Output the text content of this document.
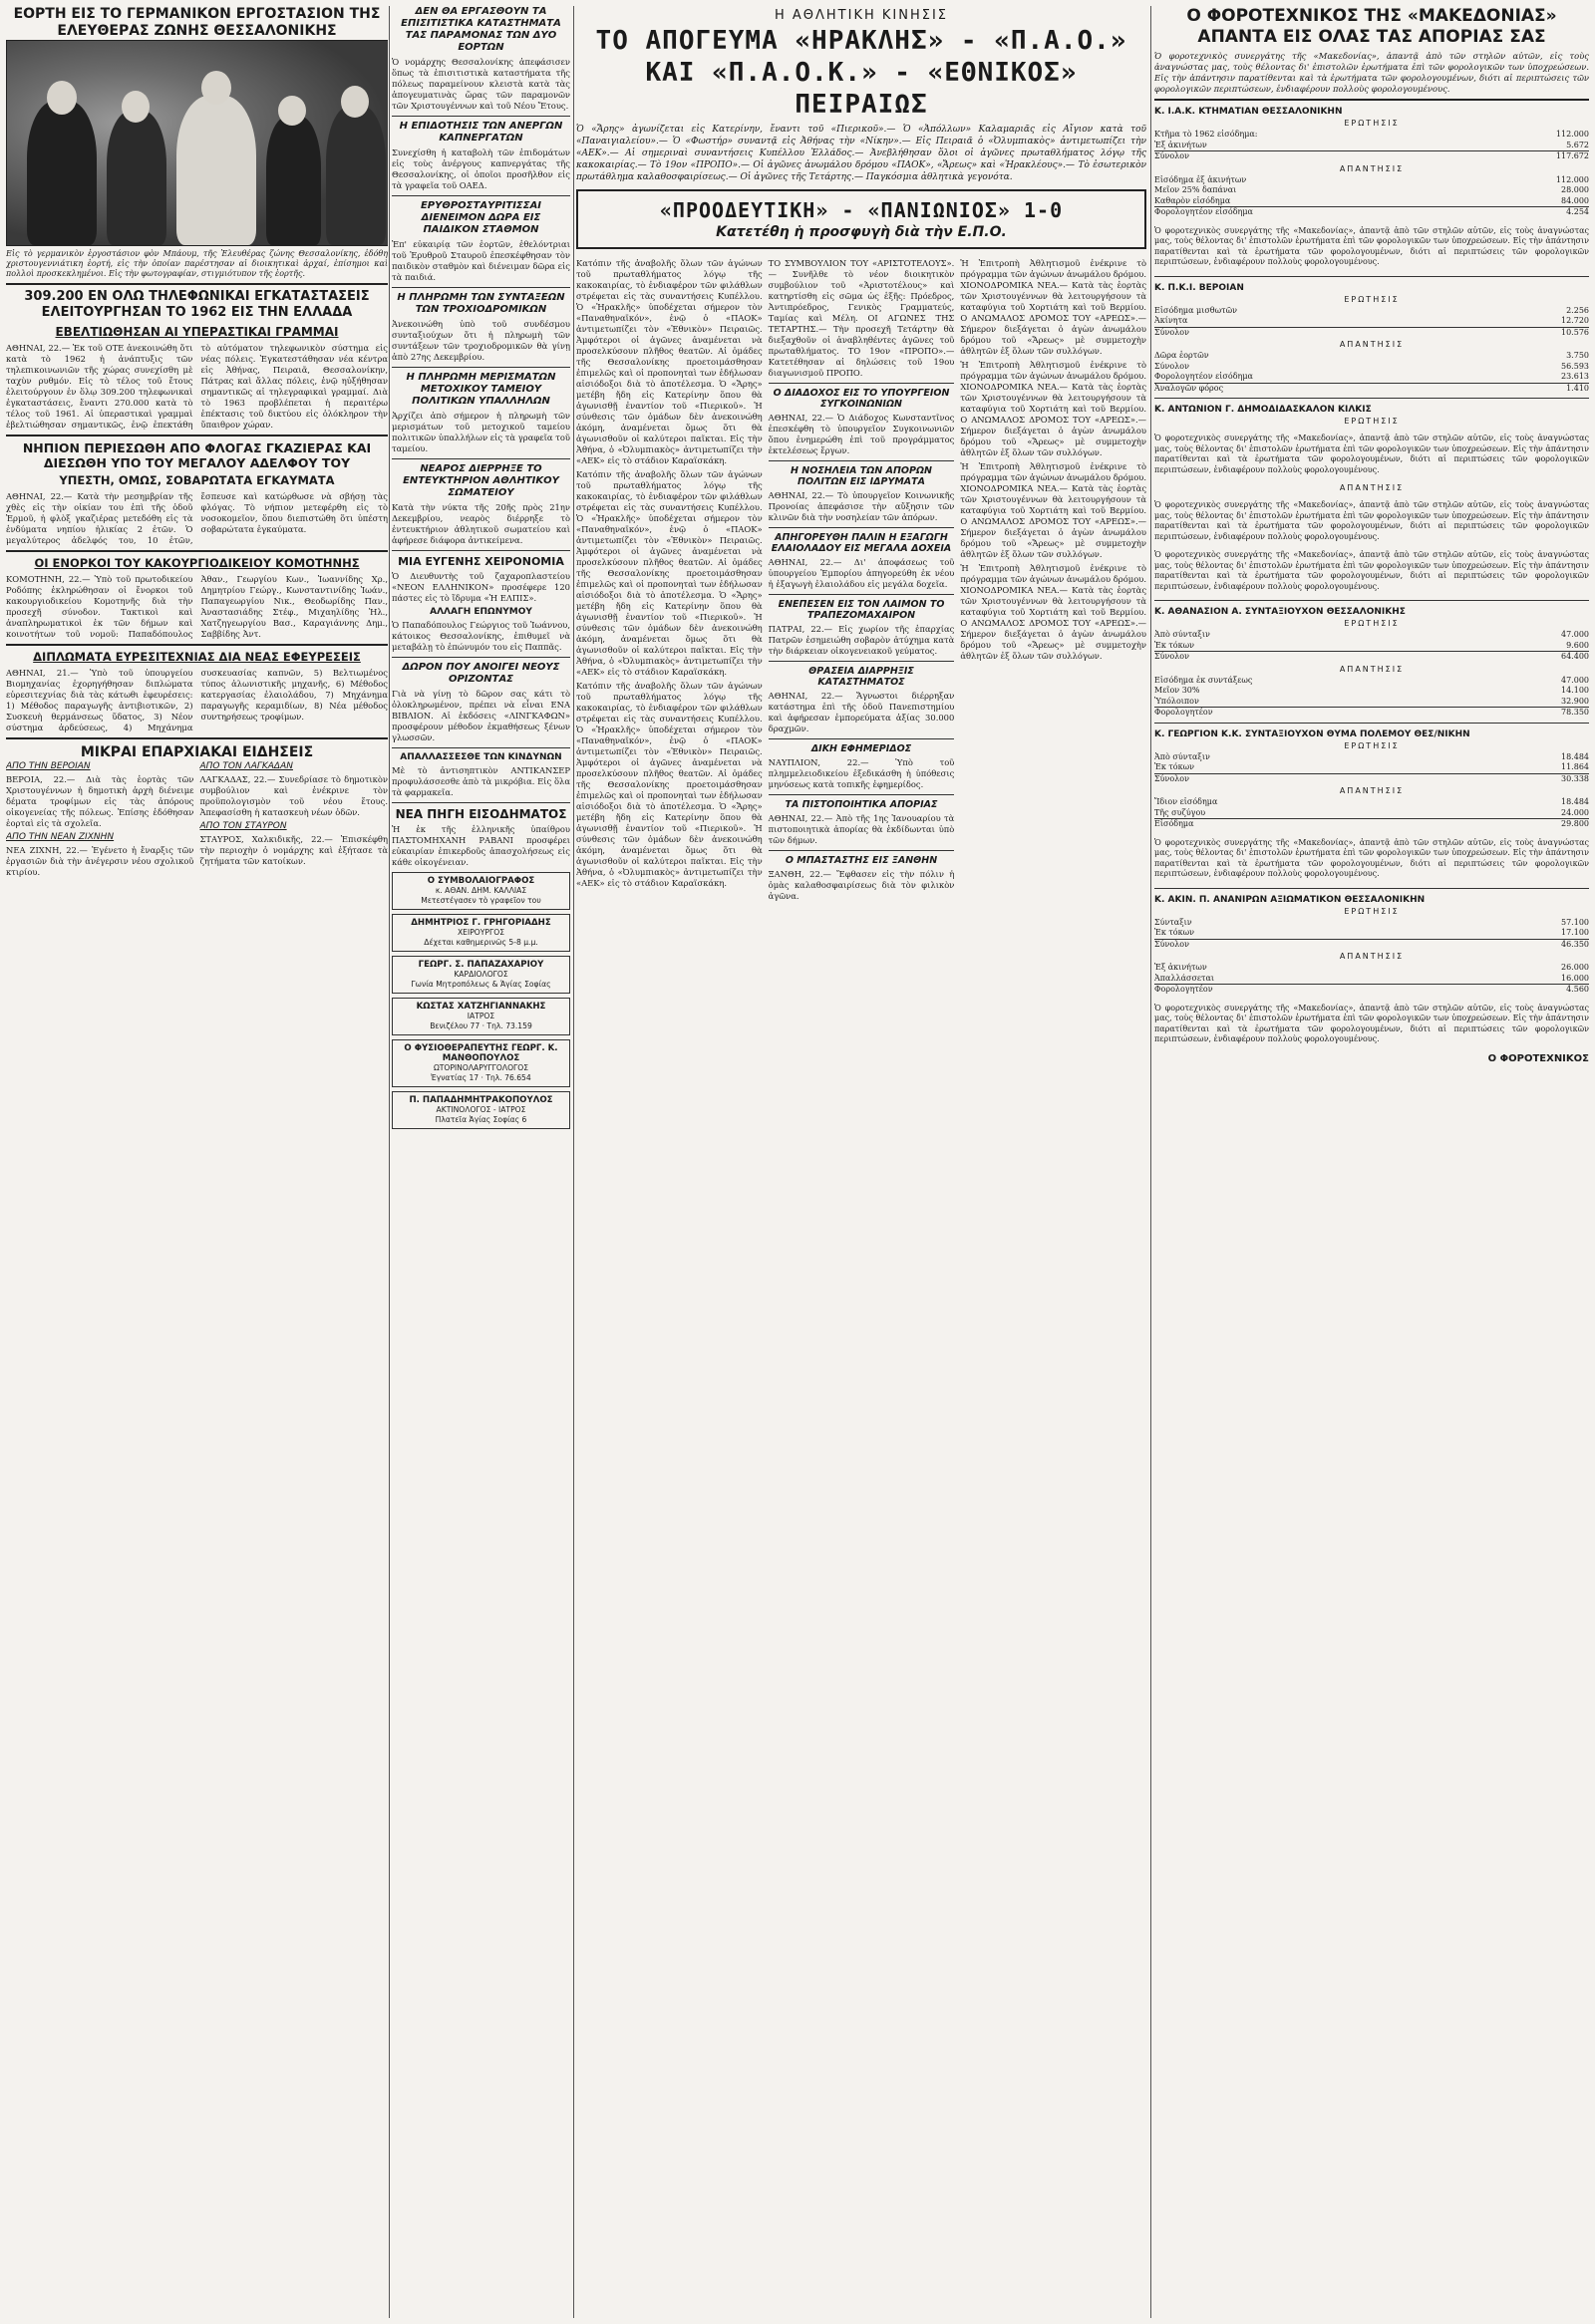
ΕΟΡΤΗ ΕΙΣ ΤΟ ΓΕΡΜΑΝΙΚΟΝ ΕΡΓΟΣΤΑΣΙΟΝ ΤΗΣ ΕΛΕΥΘΕΡΑΣ ΖΩΝΗΣ ΘΕΣΣΑΛΟΝΙΚΗΣ

Εἰς τὸ γερμανικὸν ἐργοστάσιον φὸν Μπάουμ, τῆς Ἐλευθέρας ζώνης Θεσσαλονίκης, ἐδόθη χριστουγεννιάτικη ἑορτή, εἰς τὴν ὁποίαν παρέστησαν αἱ διοικητικαὶ ἀρχαί, ἐπίσημοι καὶ πολλοὶ προσκεκλημένοι. Εἰς τὴν φωτογραφίαν, στιγμιότυπον τῆς ἑορτῆς.

309.200 ΕΝ ΟΛΩ ΤΗΛΕΦΩΝΙΚΑΙ ΕΓΚΑΤΑΣΤΑΣΕΙΣ ΕΛΕΙΤΟΥΡΓΗΣΑΝ ΤΟ 1962 ΕΙΣ ΤΗΝ ΕΛΛΑΔΑ
ΕΒΕΛΤΙΩΘΗΣΑΝ ΑΙ ΥΠΕΡΑΣΤΙΚΑΙ ΓΡΑΜΜΑΙ

ΑΘΗΝΑΙ, 22.— Ἐκ τοῦ ΟΤΕ ἀνεκοινώθη ὅτι κατὰ τὸ 1962 ἡ ἀνάπτυξις τῶν τηλεπικοινωνιῶν τῆς χώρας συνεχίσθη μὲ ταχὺν ρυθμόν. Εἰς τὸ τέλος τοῦ ἔτους ἐλειτούργουν ἐν ὅλῳ 309.200 τηλεφωνικαὶ ἐγκαταστάσεις, ἔναντι 270.000 κατὰ τὸ τέλος τοῦ 1961. Αἱ ὑπεραστικαὶ γραμμαὶ ἐβελτιώθησαν σημαντικῶς, ἐνῷ ἐπεκτάθη τὸ αὐτόματον τηλεφωνικὸν σύστημα εἰς νέας πόλεις. Ἐγκατεστάθησαν νέα κέντρα εἰς Ἀθήνας, Πειραιᾶ, Θεσσαλονίκην, Πάτρας καὶ ἄλλας πόλεις, ἐνῷ ηὐξήθησαν σημαντικῶς αἱ τηλεγραφικαὶ γραμμαί. Διὰ τὸ 1963 προβλέπεται ἡ περαιτέρω ἐπέκτασις τοῦ δικτύου εἰς ὁλόκληρον τὴν ὕπαιθρον χώραν.

ΝΗΠΙΟΝ ΠΕΡΙΕΣΩΘΗ ΑΠΟ ΦΛΟΓΑΣ ΓΚΑΖΙΕΡΑΣ ΚΑΙ ΔΙΕΣΩΘΗ ΥΠΟ ΤΟΥ ΜΕΓΑΛΟΥ ΑΔΕΛΦΟΥ ΤΟΥ
ΥΠΕΣΤΗ, ΟΜΩΣ, ΣΟΒΑΡΩΤΑΤΑ ΕΓΚΑΥΜΑΤΑ

ΑΘΗΝΑΙ, 22.— Κατὰ τὴν μεσημβρίαν τῆς χθὲς εἰς τὴν οἰκίαν του ἐπὶ τῆς ὁδοῦ Ἑρμοῦ, ἡ φλὸξ γκαζιέρας μετεδόθη εἰς τὰ ἐνδύματα νηπίου ἡλικίας 2 ἐτῶν. Ὁ μεγαλύτερος ἀδελφός του, 10 ἐτῶν, ἔσπευσε καὶ κατώρθωσε νὰ σβήσῃ τὰς φλόγας. Τὸ νήπιον μετεφέρθη εἰς τὸ νοσοκομεῖον, ὅπου διεπιστώθη ὅτι ὑπέστη σοβαρώτατα ἐγκαύματα.

ΟΙ ΕΝΟΡΚΟΙ ΤΟΥ ΚΑΚΟΥΡΓΙΟΔΙΚΕΙΟΥ ΚΟΜΟΤΗΝΗΣ

ΚΟΜΟΤΗΝΗ, 22.— Ὑπὸ τοῦ πρωτοδικείου Ροδόπης ἐκληρώθησαν οἱ ἔνορκοι τοῦ κακουργιοδικείου Κομοτηνῆς διὰ τὴν προσεχῆ σύνοδον. Τακτικοὶ καὶ ἀναπληρωματικοὶ ἐκ τῶν δήμων καὶ κοινοτήτων τοῦ νομοῦ: Παπαδόπουλος Ἀθαν., Γεωργίου Κων., Ἰωαννίδης Χρ., Δημητρίου Γεώργ., Κωνσταντινίδης Ἰωάν., Παπαγεωργίου Νικ., Θεοδωρίδης Παν., Ἀναστασιάδης Στέφ., Μιχαηλίδης Ἠλ., Χατζηγεωργίου Βασ., Καραγιάννης Δημ., Σαββίδης Ἀντ.

ΔΙΠΛΩΜΑΤΑ ΕΥΡΕΣΙΤΕΧΝΙΑΣ ΔΙΑ ΝΕΑΣ ΕΦΕΥΡΕΣΕΙΣ

ΑΘΗΝΑΙ, 21.— Ὑπὸ τοῦ ὑπουργείου Βιομηχανίας ἐχορηγήθησαν διπλώματα εὑρεσιτεχνίας διὰ τὰς κάτωθι ἐφευρέσεις: 1) Μέθοδος παραγωγῆς ἀντιβιοτικῶν, 2) Συσκευὴ θερμάνσεως ὕδατος, 3) Νέον σύστημα ἀρδεύσεως, 4) Μηχάνημα συσκευασίας καπνῶν, 5) Βελτιωμένος τύπος ἀλωνιστικῆς μηχανῆς, 6) Μέθοδος κατεργασίας ἐλαιολάδου, 7) Μηχάνημα παραγωγῆς κεραμιδίων, 8) Νέα μέθοδος συντηρήσεως τροφίμων.

ΜΙΚΡΑΙ ΕΠΑΡΧΙΑΚΑΙ ΕΙΔΗΣΕΙΣ
ΑΠΟ ΤΗΝ ΒΕΡΟΙΑΝ

ΒΕΡΟΙΑ, 22.— Διὰ τὰς ἑορτὰς τῶν Χριστουγέννων ἡ δημοτικὴ ἀρχὴ διένειμε δέματα τροφίμων εἰς τὰς ἀπόρους οἰκογενείας τῆς πόλεως. Ἐπίσης ἐδόθησαν ἑορταὶ εἰς τὰ σχολεῖα.

ΑΠΟ ΤΗΝ ΝΕΑΝ ΖΙΧΝΗΝ

ΝΕΑ ΖΙΧΝΗ, 22.— Ἐγένετο ἡ ἔναρξις τῶν ἐργασιῶν διὰ τὴν ἀνέγερσιν νέου σχολικοῦ κτιρίου.

ΑΠΟ ΤΟΝ ΛΑΓΚΑΔΑΝ

ΛΑΓΚΑΔΑΣ, 22.— Συνεδρίασε τὸ δημοτικὸν συμβούλιον καὶ ἐνέκρινε τὸν προϋπολογισμὸν τοῦ νέου ἔτους. Ἀπεφασίσθη ἡ κατασκευὴ νέων ὁδῶν.

ΑΠΟ ΤΟΝ ΣΤΑΥΡΟΝ

ΣΤΑΥΡΟΣ, Χαλκιδικῆς, 22.— Ἐπισκέφθη τὴν περιοχὴν ὁ νομάρχης καὶ ἐξήτασε τὰ ζητήματα τῶν κατοίκων.

ΔΕΝ ΘΑ ΕΡΓΑΣΘΟΥΝ ΤΑ ΕΠΙΣΙΤΙΣΤΙΚΑ ΚΑΤΑΣΤΗΜΑΤΑ ΤΑΣ ΠΑΡΑΜΟΝΑΣ ΤΩΝ ΔΥΟ ΕΟΡΤΩΝ

Ὁ νομάρχης Θεσσαλονίκης ἀπεφάσισεν ὅπως τὰ ἐπισιτιστικὰ καταστήματα τῆς πόλεως παραμείνουν κλειστὰ κατὰ τὰς ἀπογευματινὰς ὥρας τῶν παραμονῶν τῶν Χριστουγέννων καὶ τοῦ Νέου Ἔτους.

Η ΕΠΙΔΟΤΗΣΙΣ ΤΩΝ ΑΝΕΡΓΩΝ ΚΑΠΝΕΡΓΑΤΩΝ

Συνεχίσθη ἡ καταβολὴ τῶν ἐπιδομάτων εἰς τοὺς ἀνέργους καπνεργάτας τῆς Θεσσαλονίκης, οἱ ὁποῖοι προσῆλθον εἰς τὰ γραφεῖα τοῦ ΟΑΕΔ.

ΕΡΥΘΡΟΣΤΑΥΡΙΤΙΣΣΑΙ ΔΙΕΝΕΙΜΟΝ ΔΩΡΑ ΕΙΣ ΠΑΙΔΙΚΟΝ ΣΤΑΘΜΟΝ

Ἐπ' εὐκαιρίᾳ τῶν ἑορτῶν, ἐθελόντριαι τοῦ Ἐρυθροῦ Σταυροῦ ἐπεσκέφθησαν τὸν παιδικὸν σταθμὸν καὶ διένειμαν δῶρα εἰς τὰ παιδιά.

Η ΠΛΗΡΩΜΗ ΤΩΝ ΣΥΝΤΑΞΕΩΝ ΤΩΝ ΤΡΟΧΙΟΔΡΟΜΙΚΩΝ

Ἀνεκοινώθη ὑπὸ τοῦ συνδέσμου συνταξιούχων ὅτι ἡ πληρωμὴ τῶν συντάξεων τῶν τροχιοδρομικῶν θὰ γίνῃ ἀπὸ 27ης Δεκεμβρίου.

Η ΠΛΗΡΩΜΗ ΜΕΡΙΣΜΑΤΩΝ ΜΕΤΟΧΙΚΟΥ ΤΑΜΕΙΟΥ ΠΟΛΙΤΙΚΩΝ ΥΠΑΛΛΗΛΩΝ

Ἀρχίζει ἀπὸ σήμερον ἡ πληρωμὴ τῶν μερισμάτων τοῦ μετοχικοῦ ταμείου πολιτικῶν ὑπαλλήλων εἰς τὰ γραφεῖα τοῦ ταμείου.

ΝΕΑΡΟΣ ΔΙΕΡΡΗΞΕ ΤΟ ΕΝΤΕΥΚΤΗΡΙΟΝ ΑΘΛΗΤΙΚΟΥ ΣΩΜΑΤΕΙΟΥ

Κατὰ τὴν νύκτα τῆς 20ῆς πρὸς 21ην Δεκεμβρίου, νεαρὸς διέρρηξε τὸ ἐντευκτήριον ἀθλητικοῦ σωματείου καὶ ἀφήρεσε διάφορα ἀντικείμενα.

ΜΙΑ ΕΥΓΕΝΗΣ ΧΕΙΡΟΝΟΜΙΑ

Ὁ Διευθυντὴς τοῦ ζαχαροπλαστείου «ΝΕΟΝ ΕΛΛΗΝΙΚΟΝ» προσέφερε 120 πάστες εἰς τὸ ἵδρυμα «Ἡ ΕΛΠΙΣ».

ΑΛΛΑΓΗ ΕΠΩΝΥΜΟΥ

Ὁ Παπαδόπουλος Γεώργιος τοῦ Ἰωάννου, κάτοικος Θεσσαλονίκης, ἐπιθυμεῖ νὰ μεταβάλῃ τὸ ἐπώνυμόν του εἰς Παππᾶς.

ΔΩΡΟΝ ΠΟΥ ΑΝΟΙΓΕΙ ΝΕΟΥΣ ΟΡΙΖΟΝΤΑΣ

Γιὰ νὰ γίνῃ τὸ δῶρον σας κάτι τὸ ὁλοκληρωμένον, πρέπει νὰ εἶναι ΕΝΑ ΒΙΒΛΙΟΝ. Αἱ ἐκδόσεις «ΛΙΝΓΚΑΦΩΝ» προσφέρουν μέθοδον ἐκμαθήσεως ξένων γλωσσῶν.

ΑΠΑΛΛΑΣΣΕΣΘΕ ΤΩΝ ΚΙΝΔΥΝΩΝ

Μὲ τὸ ἀντισηπτικὸν ΑΝΤΙΚΑΝΣΕΡ προφυλάσσεσθε ἀπὸ τὰ μικρόβια. Εἰς ὅλα τὰ φαρμακεῖα.

ΝΕΑ ΠΗΓΗ ΕΙΣΟΔΗΜΑΤΟΣ

Ἡ ἐκ τῆς ἑλληνικῆς ὑπαίθρου ΠΑΣΤΟΜΗΧΑΝΗ ΡΑΒΑΝΙ προσφέρει εὐκαιρίαν ἐπικερδοῦς ἀπασχολήσεως εἰς κάθε οἰκογένειαν.

Ο ΣΥΜΒΟΛΑΙΟΓΡΑΦΟΣ
κ. ΑΘΑΝ. ΔΗΜ. ΚΑΛΛΙΑΣ
Μετεστέγασεν τὸ γραφεῖον του
ΔΗΜΗΤΡΙΟΣ Γ. ΓΡΗΓΟΡΙΑΔΗΣ
ΧΕΙΡΟΥΡΓΟΣ
Δέχεται καθημερινῶς 5-8 μ.μ.
ΓΕΩΡΓ. Σ. ΠΑΠΑΖΑΧΑΡΙΟΥ
ΚΑΡΔΙΟΛΟΓΟΣ
Γωνία Μητροπόλεως & Ἁγίας Σοφίας
ΚΩΣΤΑΣ ΧΑΤΖΗΓΙΑΝΝΑΚΗΣ
ΙΑΤΡΟΣ
Βενιζέλου 77 · Τηλ. 73.159
Ο ΦΥΣΙΟΘΕΡΑΠΕΥΤΗΣ ΓΕΩΡΓ. Κ. ΜΑΝΘΟΠΟΥΛΟΣ
ΩΤΟΡΙΝΟΛΑΡΥΓΓΟΛΟΓΟΣ
Ἐγνατίας 17 · Τηλ. 76.654
Π. ΠΑΠΑΔΗΜΗΤΡΑΚΟΠΟΥΛΟΣ
ΑΚΤΙΝΟΛΟΓΟΣ - ΙΑΤΡΟΣ
Πλατεῖα Ἁγίας Σοφίας 6
Η ΑΘΛΗΤΙΚΗ ΚΙΝΗΣΙΣ
ΤΟ ΑΠΟΓΕΥΜΑ «ΗΡΑΚΛΗΣ» - «Π.Α.Ο.»
ΚΑΙ «Π.Α.Ο.Κ.» - «ΕΘΝΙΚΟΣ» ΠΕΙΡΑΙΩΣ

Ὁ «Ἄρης» ἀγωνίζεται εἰς Κατερίνην, ἔναντι τοῦ «Πιερικοῦ».— Ὁ «Ἀπόλλων» Καλαμαριᾶς εἰς Αἴγιον κατὰ τοῦ «Παναιγιαλείου».— Ὁ «Φωστήρ» συναντᾷ εἰς Ἀθήνας τὴν «Νίκην».— Εἰς Πειραιᾶ ὁ «Ὀλυμπιακὸς» ἀντιμετωπίζει τὴν «ΑΕΚ».— Αἱ σημεριναὶ συναντήσεις Κυπέλλου Ἑλλάδος.— Ἀνεβλήθησαν ὅλοι οἱ ἀγῶνες πρωταθλήματος λόγῳ τῆς κακοκαιρίας.— Τὸ 19ον «ΠΡΟΠΟ».— Οἱ ἀγῶνες ἀνωμάλου δρόμου «ΠΑΟΚ», «Ἄρεως» καὶ «Ἡρακλέους».— Τὸ ἐσωτερικὸν πρωτάθλημα καλαθοσφαιρίσεως.— Οἱ ἀγῶνες τῆς Τετάρτης.— Παγκόσμια ἀθλητικὰ γεγονότα.

«ΠΡΟΟΔΕΥΤΙΚΗ» - «ΠΑΝΙΩΝΙΟΣ» 1-0
Κατετέθη ἡ προσφυγὴ διὰ τὴν Ε.Π.Ο.

Κατόπιν τῆς ἀναβολῆς ὅλων τῶν ἀγώνων τοῦ πρωταθλήματος λόγῳ τῆς κακοκαιρίας, τὸ ἐνδιαφέρον τῶν φιλάθλων στρέφεται εἰς τὰς συναντήσεις Κυπέλλου. Ὁ «Ἡρακλῆς» ὑποδέχεται σήμερον τὸν «Παναθηναϊκόν», ἐνῷ ὁ «ΠΑΟΚ» ἀντιμετωπίζει τὸν «Ἐθνικὸν» Πειραιῶς. Ἀμφότεροι οἱ ἀγῶνες ἀναμένεται νὰ προσελκύσουν πλῆθος θεατῶν. Αἱ ὁμάδες τῆς Θεσσαλονίκης προετοιμάσθησαν ἐπιμελῶς καὶ οἱ προπονηταὶ των ἐδήλωσαν αἰσιόδοξοι διὰ τὸ ἀποτέλεσμα. Ὁ «Ἄρης» μετέβη ἤδη εἰς Κατερίνην ὅπου θὰ ἀγωνισθῇ ἐναντίον τοῦ «Πιερικοῦ». Ἡ σύνθεσις τῶν ὁμάδων δὲν ἀνεκοινώθη ἀκόμη, ἀναμένεται ὅμως ὅτι θὰ ἀγωνισθοῦν οἱ καλύτεροι παῖκται. Εἰς τὴν Ἀθήνα, ὁ «Ὀλυμπιακὸς» ἀντιμετωπίζει τὴν «ΑΕΚ» εἰς τὸ στάδιον Καραϊσκάκη.

Κατόπιν τῆς ἀναβολῆς ὅλων τῶν ἀγώνων τοῦ πρωταθλήματος λόγῳ τῆς κακοκαιρίας, τὸ ἐνδιαφέρον τῶν φιλάθλων στρέφεται εἰς τὰς συναντήσεις Κυπέλλου. Ὁ «Ἡρακλῆς» ὑποδέχεται σήμερον τὸν «Παναθηναϊκόν», ἐνῷ ὁ «ΠΑΟΚ» ἀντιμετωπίζει τὸν «Ἐθνικὸν» Πειραιῶς. Ἀμφότεροι οἱ ἀγῶνες ἀναμένεται νὰ προσελκύσουν πλῆθος θεατῶν. Αἱ ὁμάδες τῆς Θεσσαλονίκης προετοιμάσθησαν ἐπιμελῶς καὶ οἱ προπονηταὶ των ἐδήλωσαν αἰσιόδοξοι διὰ τὸ ἀποτέλεσμα. Ὁ «Ἄρης» μετέβη ἤδη εἰς Κατερίνην ὅπου θὰ ἀγωνισθῇ ἐναντίον τοῦ «Πιερικοῦ». Ἡ σύνθεσις τῶν ὁμάδων δὲν ἀνεκοινώθη ἀκόμη, ἀναμένεται ὅμως ὅτι θὰ ἀγωνισθοῦν οἱ καλύτεροι παῖκται. Εἰς τὴν Ἀθήνα, ὁ «Ὀλυμπιακὸς» ἀντιμετωπίζει τὴν «ΑΕΚ» εἰς τὸ στάδιον Καραϊσκάκη.

Κατόπιν τῆς ἀναβολῆς ὅλων τῶν ἀγώνων τοῦ πρωταθλήματος λόγῳ τῆς κακοκαιρίας, τὸ ἐνδιαφέρον τῶν φιλάθλων στρέφεται εἰς τὰς συναντήσεις Κυπέλλου. Ὁ «Ἡρακλῆς» ὑποδέχεται σήμερον τὸν «Παναθηναϊκόν», ἐνῷ ὁ «ΠΑΟΚ» ἀντιμετωπίζει τὸν «Ἐθνικὸν» Πειραιῶς. Ἀμφότεροι οἱ ἀγῶνες ἀναμένεται νὰ προσελκύσουν πλῆθος θεατῶν. Αἱ ὁμάδες τῆς Θεσσαλονίκης προετοιμάσθησαν ἐπιμελῶς καὶ οἱ προπονηταὶ των ἐδήλωσαν αἰσιόδοξοι διὰ τὸ ἀποτέλεσμα. Ὁ «Ἄρης» μετέβη ἤδη εἰς Κατερίνην ὅπου θὰ ἀγωνισθῇ ἐναντίον τοῦ «Πιερικοῦ». Ἡ σύνθεσις τῶν ὁμάδων δὲν ἀνεκοινώθη ἀκόμη, ἀναμένεται ὅμως ὅτι θὰ ἀγωνισθοῦν οἱ καλύτεροι παῖκται. Εἰς τὴν Ἀθήνα, ὁ «Ὀλυμπιακὸς» ἀντιμετωπίζει τὴν «ΑΕΚ» εἰς τὸ στάδιον Καραϊσκάκη.

ΤΟ ΣΥΜΒΟΥΛΙΟΝ ΤΟΥ «ΑΡΙΣΤΟΤΕΛΟΥΣ».— Συνῆλθε τὸ νέον διοικητικὸν συμβούλιον τοῦ «Ἀριστοτέλους» καὶ κατηρτίσθη εἰς σῶμα ὡς ἑξῆς: Πρόεδρος, Ἀντιπρόεδρος, Γενικὸς Γραμματεύς, Ταμίας καὶ Μέλη. ΟΙ ΑΓΩΝΕΣ ΤΗΣ ΤΕΤΑΡΤΗΣ.— Τὴν προσεχῆ Τετάρτην θὰ διεξαχθοῦν οἱ ἀναβληθέντες ἀγῶνες τοῦ πρωταθλήματος. ΤΟ 19ον «ΠΡΟΠΟ».— Κατετέθησαν αἱ δηλώσεις τοῦ 19ου διαγωνισμοῦ ΠΡΟΠΟ.

Ο ΔΙΑΔΟΧΟΣ ΕΙΣ ΤΟ ΥΠΟΥΡΓΕΙΟΝ ΣΥΓΚΟΙΝΩΝΙΩΝ

ΑΘΗΝΑΙ, 22.— Ὁ Διάδοχος Κωνσταντῖνος ἐπεσκέφθη τὸ ὑπουργεῖον Συγκοινωνιῶν ὅπου ἐνημερώθη ἐπὶ τοῦ προγράμματος ἐκτελέσεως ἔργων.

Η ΝΟΣΗΛΕΙΑ ΤΩΝ ΑΠΟΡΩΝ ΠΟΛΙΤΩΝ ΕΙΣ ΙΔΡΥΜΑΤΑ

ΑΘΗΝΑΙ, 22.— Τὸ ὑπουργεῖον Κοινωνικῆς Προνοίας ἀπεφάσισε τὴν αὔξησιν τῶν κλινῶν διὰ τὴν νοσηλείαν τῶν ἀπόρων.

ΑΠΗΓΟΡΕΥΘΗ ΠΑΛΙΝ Η ΕΞΑΓΩΓΗ ΕΛΑΙΟΛΑΔΟΥ ΕΙΣ ΜΕΓΑΛΑ ΔΟΧΕΙΑ

ΑΘΗΝΑΙ, 22.— Δι' ἀποφάσεως τοῦ ὑπουργείου Ἐμπορίου ἀπηγορεύθη ἐκ νέου ἡ ἐξαγωγὴ ἐλαιολάδου εἰς μεγάλα δοχεῖα.

ΕΝΕΠΕΣΕΝ ΕΙΣ ΤΟΝ ΛΑΙΜΟΝ ΤΟ ΤΡΑΠΕΖΟΜΑΧΑΙΡΟΝ

ΠΑΤΡΑΙ, 22.— Εἰς χωρίον τῆς ἐπαρχίας Πατρῶν ἐσημειώθη σοβαρὸν ἀτύχημα κατὰ τὴν διάρκειαν οἰκογενειακοῦ γεύματος.

ΘΡΑΣΕΙΑ ΔΙΑΡΡΗΞΙΣ ΚΑΤΑΣΤΗΜΑΤΟΣ

ΑΘΗΝΑΙ, 22.— Ἄγνωστοι διέρρηξαν κατάστημα ἐπὶ τῆς ὁδοῦ Πανεπιστημίου καὶ ἀφήρεσαν ἐμπορεύματα ἀξίας 30.000 δραχμῶν.

ΔΙΚΗ ΕΦΗΜΕΡΙΔΟΣ

ΝΑΥΠΛΙΟΝ, 22.— Ὑπὸ τοῦ πλημμελειοδικείου ἐξεδικάσθη ἡ ὑπόθεσις μηνύσεως κατὰ τοπικῆς ἐφημερίδος.

ΤΑ ΠΙΣΤΟΠΟΙΗΤΙΚΑ ΑΠΟΡΙΑΣ

ΑΘΗΝΑΙ, 22.— Ἀπὸ τῆς 1ης Ἰανουαρίου τὰ πιστοποιητικὰ ἀπορίας θὰ ἐκδίδωνται ὑπὸ τῶν δήμων.

Ο ΜΠΑΣΤΑΣΤΗΣ ΕΙΣ ΞΑΝΘΗΝ

ΞΑΝΘΗ, 22.— Ἔφθασεν εἰς τὴν πόλιν ἡ ὁμὰς καλαθοσφαιρίσεως διὰ τὸν φιλικὸν ἀγῶνα.

Ἡ Ἐπιτροπὴ Ἀθλητισμοῦ ἐνέκρινε τὸ πρόγραμμα τῶν ἀγώνων ἀνωμάλου δρόμου. ΧΙΟΝΟΔΡΟΜΙΚΑ ΝΕΑ.— Κατὰ τὰς ἑορτὰς τῶν Χριστουγέννων θὰ λειτουργήσουν τὰ καταφύγια τοῦ Χορτιάτη καὶ τοῦ Βερμίου. Ο ΑΝΩΜΑΛΟΣ ΔΡΟΜΟΣ ΤΟΥ «ΑΡΕΩΣ».— Σήμερον διεξάγεται ὁ ἀγὼν ἀνωμάλου δρόμου τοῦ «Ἄρεως» μὲ συμμετοχὴν ἀθλητῶν ἐξ ὅλων τῶν συλλόγων.

Ἡ Ἐπιτροπὴ Ἀθλητισμοῦ ἐνέκρινε τὸ πρόγραμμα τῶν ἀγώνων ἀνωμάλου δρόμου. ΧΙΟΝΟΔΡΟΜΙΚΑ ΝΕΑ.— Κατὰ τὰς ἑορτὰς τῶν Χριστουγέννων θὰ λειτουργήσουν τὰ καταφύγια τοῦ Χορτιάτη καὶ τοῦ Βερμίου. Ο ΑΝΩΜΑΛΟΣ ΔΡΟΜΟΣ ΤΟΥ «ΑΡΕΩΣ».— Σήμερον διεξάγεται ὁ ἀγὼν ἀνωμάλου δρόμου τοῦ «Ἄρεως» μὲ συμμετοχὴν ἀθλητῶν ἐξ ὅλων τῶν συλλόγων.

Ἡ Ἐπιτροπὴ Ἀθλητισμοῦ ἐνέκρινε τὸ πρόγραμμα τῶν ἀγώνων ἀνωμάλου δρόμου. ΧΙΟΝΟΔΡΟΜΙΚΑ ΝΕΑ.— Κατὰ τὰς ἑορτὰς τῶν Χριστουγέννων θὰ λειτουργήσουν τὰ καταφύγια τοῦ Χορτιάτη καὶ τοῦ Βερμίου. Ο ΑΝΩΜΑΛΟΣ ΔΡΟΜΟΣ ΤΟΥ «ΑΡΕΩΣ».— Σήμερον διεξάγεται ὁ ἀγὼν ἀνωμάλου δρόμου τοῦ «Ἄρεως» μὲ συμμετοχὴν ἀθλητῶν ἐξ ὅλων τῶν συλλόγων.

Ἡ Ἐπιτροπὴ Ἀθλητισμοῦ ἐνέκρινε τὸ πρόγραμμα τῶν ἀγώνων ἀνωμάλου δρόμου. ΧΙΟΝΟΔΡΟΜΙΚΑ ΝΕΑ.— Κατὰ τὰς ἑορτὰς τῶν Χριστουγέννων θὰ λειτουργήσουν τὰ καταφύγια τοῦ Χορτιάτη καὶ τοῦ Βερμίου. Ο ΑΝΩΜΑΛΟΣ ΔΡΟΜΟΣ ΤΟΥ «ΑΡΕΩΣ».— Σήμερον διεξάγεται ὁ ἀγὼν ἀνωμάλου δρόμου τοῦ «Ἄρεως» μὲ συμμετοχὴν ἀθλητῶν ἐξ ὅλων τῶν συλλόγων.

Ο ΦΟΡΟΤΕΧΝΙΚΟΣ ΤΗΣ «ΜΑΚΕΔΟΝΙΑΣ» ΑΠΑΝΤΑ ΕΙΣ ΟΛΑΣ ΤΑΣ ΑΠΟΡΙΑΣ ΣΑΣ

Ὁ φοροτεχνικὸς συνεργάτης τῆς «Μακεδονίας», ἀπαντᾷ ἀπὸ τῶν στηλῶν αὐτῶν, εἰς τοὺς ἀναγνώστας μας, τοὺς θέλοντας δι' ἐπιστολῶν ἐρωτήματα ἐπὶ τῶν φορολογικῶν των ὑποχρεώσεων. Εἰς τὴν ἀπάντησιν παρατίθενται καὶ τὰ ἐρωτήματα τῶν φορολογουμένων, διότι αἱ περιπτώσεις τῶν φορολογικῶν περιπτώσεων, ἐνδιαφέρουν πολλοὺς φορολογουμένους.

Κ. Ι.Α.Κ. ΚΤΗΜΑΤΙΑΝ ΘΕΣΣΑΛΟΝΙΚΗΝ
ΕΡΩΤΗΣΙΣ
Κτῆμα τὸ 1962 εἰσόδημα:	112.000
Ἐξ ἀκινήτων	5.672
Σύνολον	117.672
ΑΠΑΝΤΗΣΙΣ
Εἰσόδημα ἐξ ἀκινήτων	112.000
Μεῖον 25% δαπάναι	28.000
Καθαρὸν εἰσόδημα	84.000
Φορολογητέον εἰσόδημα	4.254

Ὁ φοροτεχνικὸς συνεργάτης τῆς «Μακεδονίας», ἀπαντᾷ ἀπὸ τῶν στηλῶν αὐτῶν, εἰς τοὺς ἀναγνώστας μας, τοὺς θέλοντας δι' ἐπιστολῶν ἐρωτήματα ἐπὶ τῶν φορολογικῶν των ὑποχρεώσεων. Εἰς τὴν ἀπάντησιν παρατίθενται καὶ τὰ ἐρωτήματα τῶν φορολογουμένων, διότι αἱ περιπτώσεις τῶν φορολογικῶν περιπτώσεων, ἐνδιαφέρουν πολλοὺς φορολογουμένους.

Κ. Π.Κ.Ι. ΒΕΡΟΙΑΝ
ΕΡΩΤΗΣΙΣ
Εἰσόδημα μισθωτῶν	2.256
Ἀκίνητα	12.720
Σύνολον	10.576
ΑΠΑΝΤΗΣΙΣ
Δῶρα ἑορτῶν	3.750
Σύνολον	56.593
Φορολογητέον εἰσόδημα	23.613
Ἀναλογῶν φόρος	1.410
Κ. ΑΝΤΩΝΙΟΝ Γ. ΔΗΜΟΔΙΔΑΣΚΑΛΟΝ ΚΙΛΚΙΣ
ΕΡΩΤΗΣΙΣ

Ὁ φοροτεχνικὸς συνεργάτης τῆς «Μακεδονίας», ἀπαντᾷ ἀπὸ τῶν στηλῶν αὐτῶν, εἰς τοὺς ἀναγνώστας μας, τοὺς θέλοντας δι' ἐπιστολῶν ἐρωτήματα ἐπὶ τῶν φορολογικῶν των ὑποχρεώσεων. Εἰς τὴν ἀπάντησιν παρατίθενται καὶ τὰ ἐρωτήματα τῶν φορολογουμένων, διότι αἱ περιπτώσεις τῶν φορολογικῶν περιπτώσεων, ἐνδιαφέρουν πολλοὺς φορολογουμένους.

ΑΠΑΝΤΗΣΙΣ

Ὁ φοροτεχνικὸς συνεργάτης τῆς «Μακεδονίας», ἀπαντᾷ ἀπὸ τῶν στηλῶν αὐτῶν, εἰς τοὺς ἀναγνώστας μας, τοὺς θέλοντας δι' ἐπιστολῶν ἐρωτήματα ἐπὶ τῶν φορολογικῶν των ὑποχρεώσεων. Εἰς τὴν ἀπάντησιν παρατίθενται καὶ τὰ ἐρωτήματα τῶν φορολογουμένων, διότι αἱ περιπτώσεις τῶν φορολογικῶν περιπτώσεων, ἐνδιαφέρουν πολλοὺς φορολογουμένους.

Ὁ φοροτεχνικὸς συνεργάτης τῆς «Μακεδονίας», ἀπαντᾷ ἀπὸ τῶν στηλῶν αὐτῶν, εἰς τοὺς ἀναγνώστας μας, τοὺς θέλοντας δι' ἐπιστολῶν ἐρωτήματα ἐπὶ τῶν φορολογικῶν των ὑποχρεώσεων. Εἰς τὴν ἀπάντησιν παρατίθενται καὶ τὰ ἐρωτήματα τῶν φορολογουμένων, διότι αἱ περιπτώσεις τῶν φορολογικῶν περιπτώσεων, ἐνδιαφέρουν πολλοὺς φορολογουμένους.

Κ. ΑΘΑΝΑΣΙΟΝ Α. ΣΥΝΤΑΞΙΟΥΧΟΝ ΘΕΣΣΑΛΟΝΙΚΗΣ
ΕΡΩΤΗΣΙΣ
Ἀπὸ σύνταξιν	47.000
Ἐκ τόκων	9.600
Σύνολον	64.400
ΑΠΑΝΤΗΣΙΣ
Εἰσόδημα ἐκ συντάξεως	47.000
Μεῖον 30%	14.100
Ὑπόλοιπον	32.900
Φορολογητέον	78.350
Κ. ΓΕΩΡΓΙΟΝ Κ.Κ. ΣΥΝΤΑΞΙΟΥΧΟΝ ΘΥΜΑ ΠΟΛΕΜΟΥ ΘΕΣ/ΝΙΚΗΝ
ΕΡΩΤΗΣΙΣ
Ἀπὸ σύνταξιν	18.484
Ἐκ τόκων	11.864
Σύνολον	30.338
ΑΠΑΝΤΗΣΙΣ
Ἴδιον εἰσόδημα	18.484
Τῆς συζύγου	24.000
Εἰσόδημα	29.800

Ὁ φοροτεχνικὸς συνεργάτης τῆς «Μακεδονίας», ἀπαντᾷ ἀπὸ τῶν στηλῶν αὐτῶν, εἰς τοὺς ἀναγνώστας μας, τοὺς θέλοντας δι' ἐπιστολῶν ἐρωτήματα ἐπὶ τῶν φορολογικῶν των ὑποχρεώσεων. Εἰς τὴν ἀπάντησιν παρατίθενται καὶ τὰ ἐρωτήματα τῶν φορολογουμένων, διότι αἱ περιπτώσεις τῶν φορολογικῶν περιπτώσεων, ἐνδιαφέρουν πολλοὺς φορολογουμένους.

Κ. ΑΚΙΝ. Π. ΑΝΑΝΙΡΩΝ ΑΞΙΩΜΑΤΙΚΟΝ ΘΕΣΣΑΛΟΝΙΚΗΝ
ΕΡΩΤΗΣΙΣ
Σύνταξιν	57.100
Ἐκ τόκων	17.100
Σύνολον	46.350
ΑΠΑΝΤΗΣΙΣ
Ἐξ ἀκινήτων	26.000
Ἀπαλλάσσεται	16.000
Φορολογητέον	4.560

Ὁ φοροτεχνικὸς συνεργάτης τῆς «Μακεδονίας», ἀπαντᾷ ἀπὸ τῶν στηλῶν αὐτῶν, εἰς τοὺς ἀναγνώστας μας, τοὺς θέλοντας δι' ἐπιστολῶν ἐρωτήματα ἐπὶ τῶν φορολογικῶν των ὑποχρεώσεων. Εἰς τὴν ἀπάντησιν παρατίθενται καὶ τὰ ἐρωτήματα τῶν φορολογουμένων, διότι αἱ περιπτώσεις τῶν φορολογικῶν περιπτώσεων, ἐνδιαφέρουν πολλοὺς φορολογουμένους.

Ο ΦΟΡΟΤΕΧΝΙΚΟΣ
